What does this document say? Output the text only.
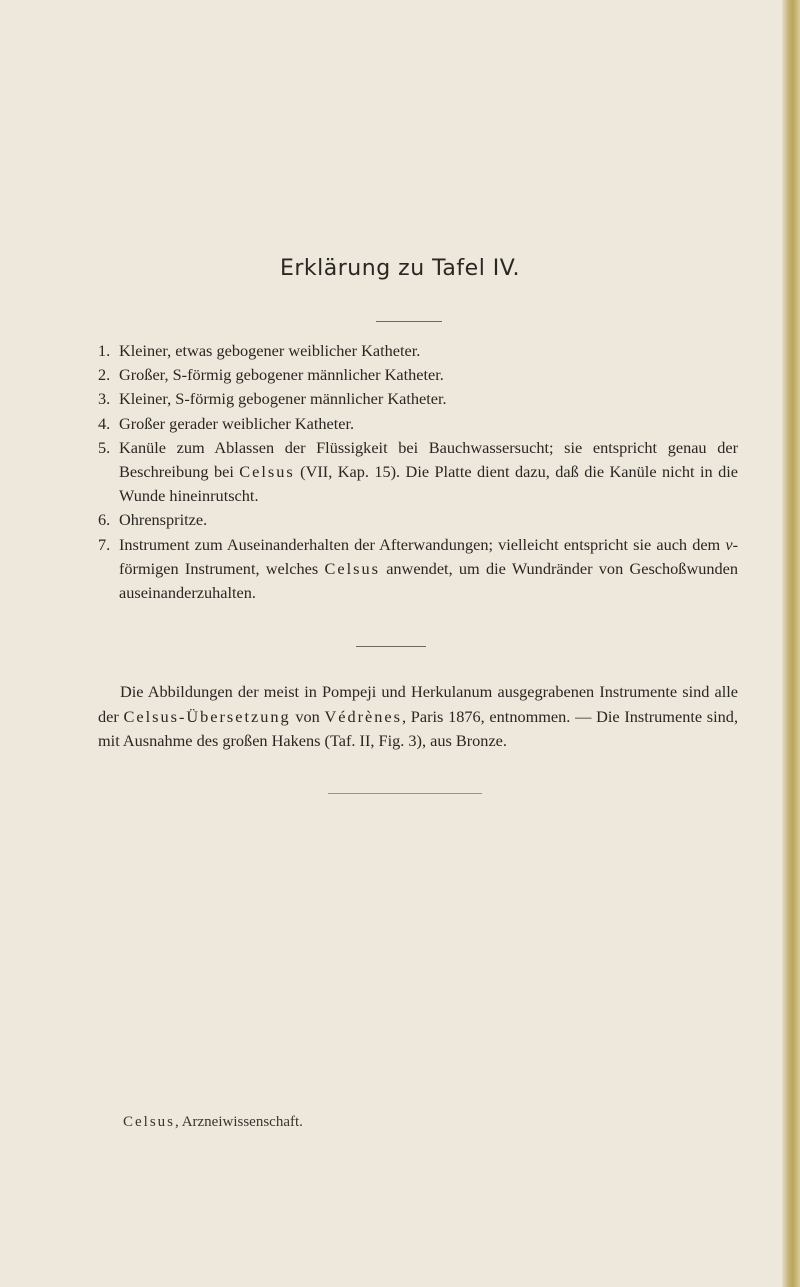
Erklärung zu Tafel IV.
1. Kleiner, etwas gebogener weiblicher Katheter.
2. Großer, S-förmig gebogener männlicher Katheter.
3. Kleiner, S-förmig gebogener männlicher Katheter.
4. Großer gerader weiblicher Katheter.
5. Kanüle zum Ablassen der Flüssigkeit bei Bauchwassersucht; sie entspricht genau der Beschreibung bei Celsus (VII, Kap. 15). Die Platte dient dazu, daß die Kanüle nicht in die Wunde hineinrutscht.
6. Ohrenspritze.
7. Instrument zum Auseinanderhalten der Afterwandungen; vielleicht entspricht sie auch dem ν-förmigen Instrument, welches Celsus anwendet, um die Wundränder von Geschoßwunden auseinanderzuhalten.

Die Abbildungen der meist in Pompeji und Herkulanum ausgegrabenen Instrumente sind alle der Celsus-Übersetzung von Védrènes, Paris 1876, entnommen. — Die Instrumente sind, mit Ausnahme des großen Hakens (Taf. II, Fig. 3), aus Bronze.

Celsus, Arzneiwissenschaft.
